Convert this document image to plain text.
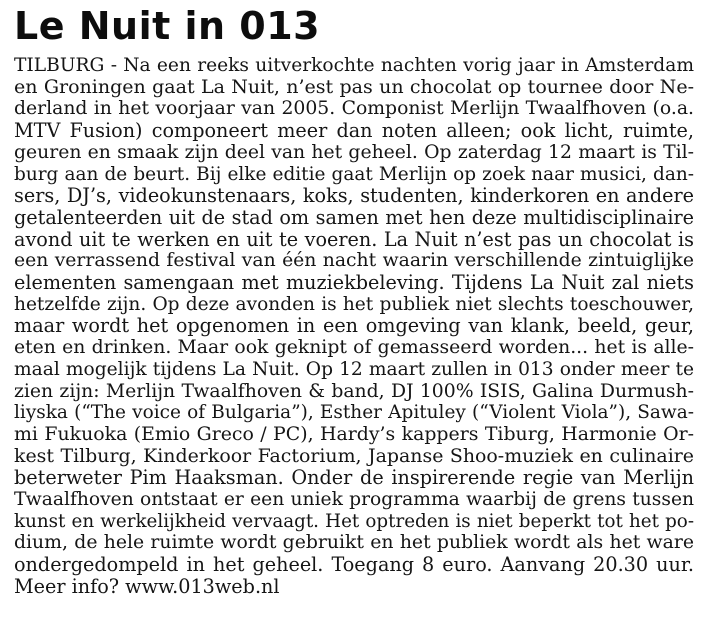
Le Nuit in 013
TILBURG - Na een reeks uitverkochte nachten vorig jaar in Amsterdam
en Groningen gaat La Nuit, n’est pas un chocolat op tournee door Ne-
derland in het voorjaar van 2005. Componist Merlijn Twaalfhoven (o.a.
MTV Fusion) componeert meer dan noten alleen; ook licht, ruimte,
geuren en smaak zijn deel van het geheel. Op zaterdag 12 maart is Til-
burg aan de beurt. Bij elke editie gaat Merlijn op zoek naar musici, dan-
sers, DJ’s, videokunstenaars, koks, studenten, kinderkoren en andere
getalenteerden uit de stad om samen met hen deze multidisciplinaire
avond uit te werken en uit te voeren. La Nuit n’est pas un chocolat is
een verrassend festival van één nacht waarin verschillende zintuiglijke
elementen samengaan met muziekbeleving. Tijdens La Nuit zal niets
hetzelfde zijn. Op deze avonden is het publiek niet slechts toeschouwer,
maar wordt het opgenomen in een omgeving van klank, beeld, geur,
eten en drinken. Maar ook geknipt of gemasseerd worden... het is alle-
maal mogelijk tijdens La Nuit. Op 12 maart zullen in 013 onder meer te
zien zijn: Merlijn Twaalfhoven & band, DJ 100% ISIS, Galina Durmush-
liyska (“The voice of Bulgaria”), Esther Apituley (“Violent Viola”), Sawa-
mi Fukuoka (Emio Greco / PC), Hardy’s kappers Tiburg, Harmonie Or-
kest Tilburg, Kinderkoor Factorium, Japanse Shoo-muziek en culinaire
beterweter Pim Haaksman. Onder de inspirerende regie van Merlijn
Twaalfhoven ontstaat er een uniek programma waarbij de grens tussen
kunst en werkelijkheid vervaagt. Het optreden is niet beperkt tot het po-
dium, de hele ruimte wordt gebruikt en het publiek wordt als het ware
ondergedompeld in het geheel. Toegang 8 euro. Aanvang 20.30 uur.
Meer info? www.013web.nl
